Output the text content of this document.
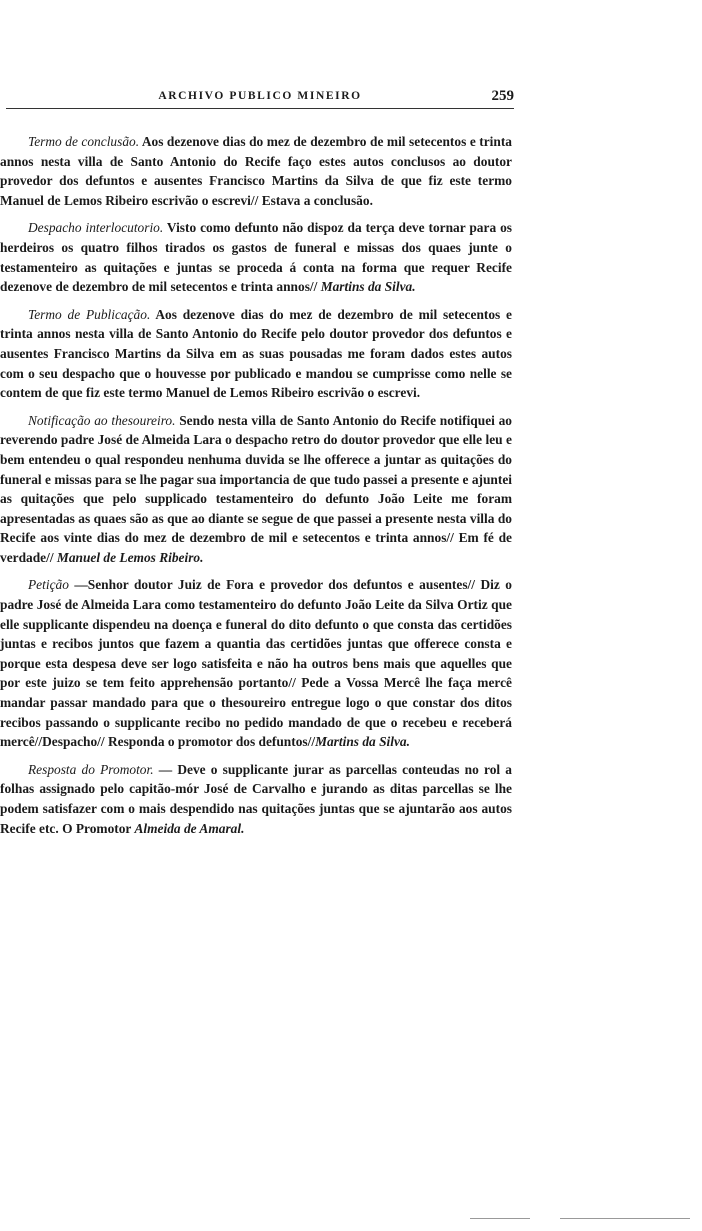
ARCHIVO PUBLICO MINEIRO	259

Termo de conclusão. Aos dezenove dias do mez de dezembro de mil setecentos e trinta annos nesta villa de Santo Antonio do Recife faço estes autos conclusos ao doutor provedor dos defuntos e ausentes Francisco Martins da Silva de que fiz este termo Manuel de Lemos Ribeiro escrivão o escrevi// Estava a conclusão.

Despacho interlocutorio. Visto como defunto não dispoz da terça deve tornar para os herdeiros os quatro filhos tirados os gastos de funeral e missas dos quaes junte o testamenteiro as quitações e juntas se proceda á conta na forma que requer Recife dezenove de dezembro de mil setecentos e trinta annos// Martins da Silva.

Termo de Publicação. Aos dezenove dias do mez de dezembro de mil setecentos e trinta annos nesta villa de Santo Antonio do Recife pelo doutor provedor dos defuntos e ausentes Francisco Martins da Silva em as suas pousadas me foram dados estes autos com o seu despacho que o houvesse por publicado e mandou se cumprisse como nelle se contem de que fiz este termo Manuel de Lemos Ribeiro escrivão o escrevi.

Notificação ao thesoureiro. Sendo nesta villa de Santo Antonio do Recife notifiquei ao reverendo padre José de Almeida Lara o despacho retro do doutor provedor que elle leu e bem entendeu o qual respondeu nenhuma duvida se lhe offerece a juntar as quitações do funeral e missas para se lhe pagar sua importancia de que tudo passei a presente e ajuntei as quitações que pelo supplicado testamenteiro do defunto João Leite me foram apresentadas as quaes são as que ao diante se segue de que passei a presente nesta villa do Recife aos vinte dias do mez de dezembro de mil e setecentos e trinta annos// Em fé de verdade// Manuel de Lemos Ribeiro.

Petição —Senhor doutor Juiz de Fora e provedor dos defuntos e ausentes// Diz o padre José de Almeida Lara como testamenteiro do defunto João Leite da Silva Ortiz que elle supplicante dispendeu na doença e funeral do dito defunto o que consta das certidões juntas e recibos juntos que fazem a quantia das certidões juntas que offerece consta e porque esta despesa deve ser logo satisfeita e não ha outros bens mais que aquelles que por este juizo se tem feito apprehensão portanto// Pede a Vossa Mercê lhe faça mercê mandar passar mandado para que o thesoureiro entregue logo o que constar dos ditos recibos passando o supplicante recibo no pedido mandado de que o recebeu e receberá mercê//Despacho// Responda o promotor dos defuntos//Martins da Silva.

Resposta do Promotor. — Deve o supplicante jurar as parcellas conteudas no rol a folhas assignado pelo capitão-mór José de Carvalho e jurando as ditas parcellas se lhe podem satisfazer com o mais despendido nas quitações juntas que se ajuntarão aos autos Recife etc. O Promotor Almeida de Amaral.
